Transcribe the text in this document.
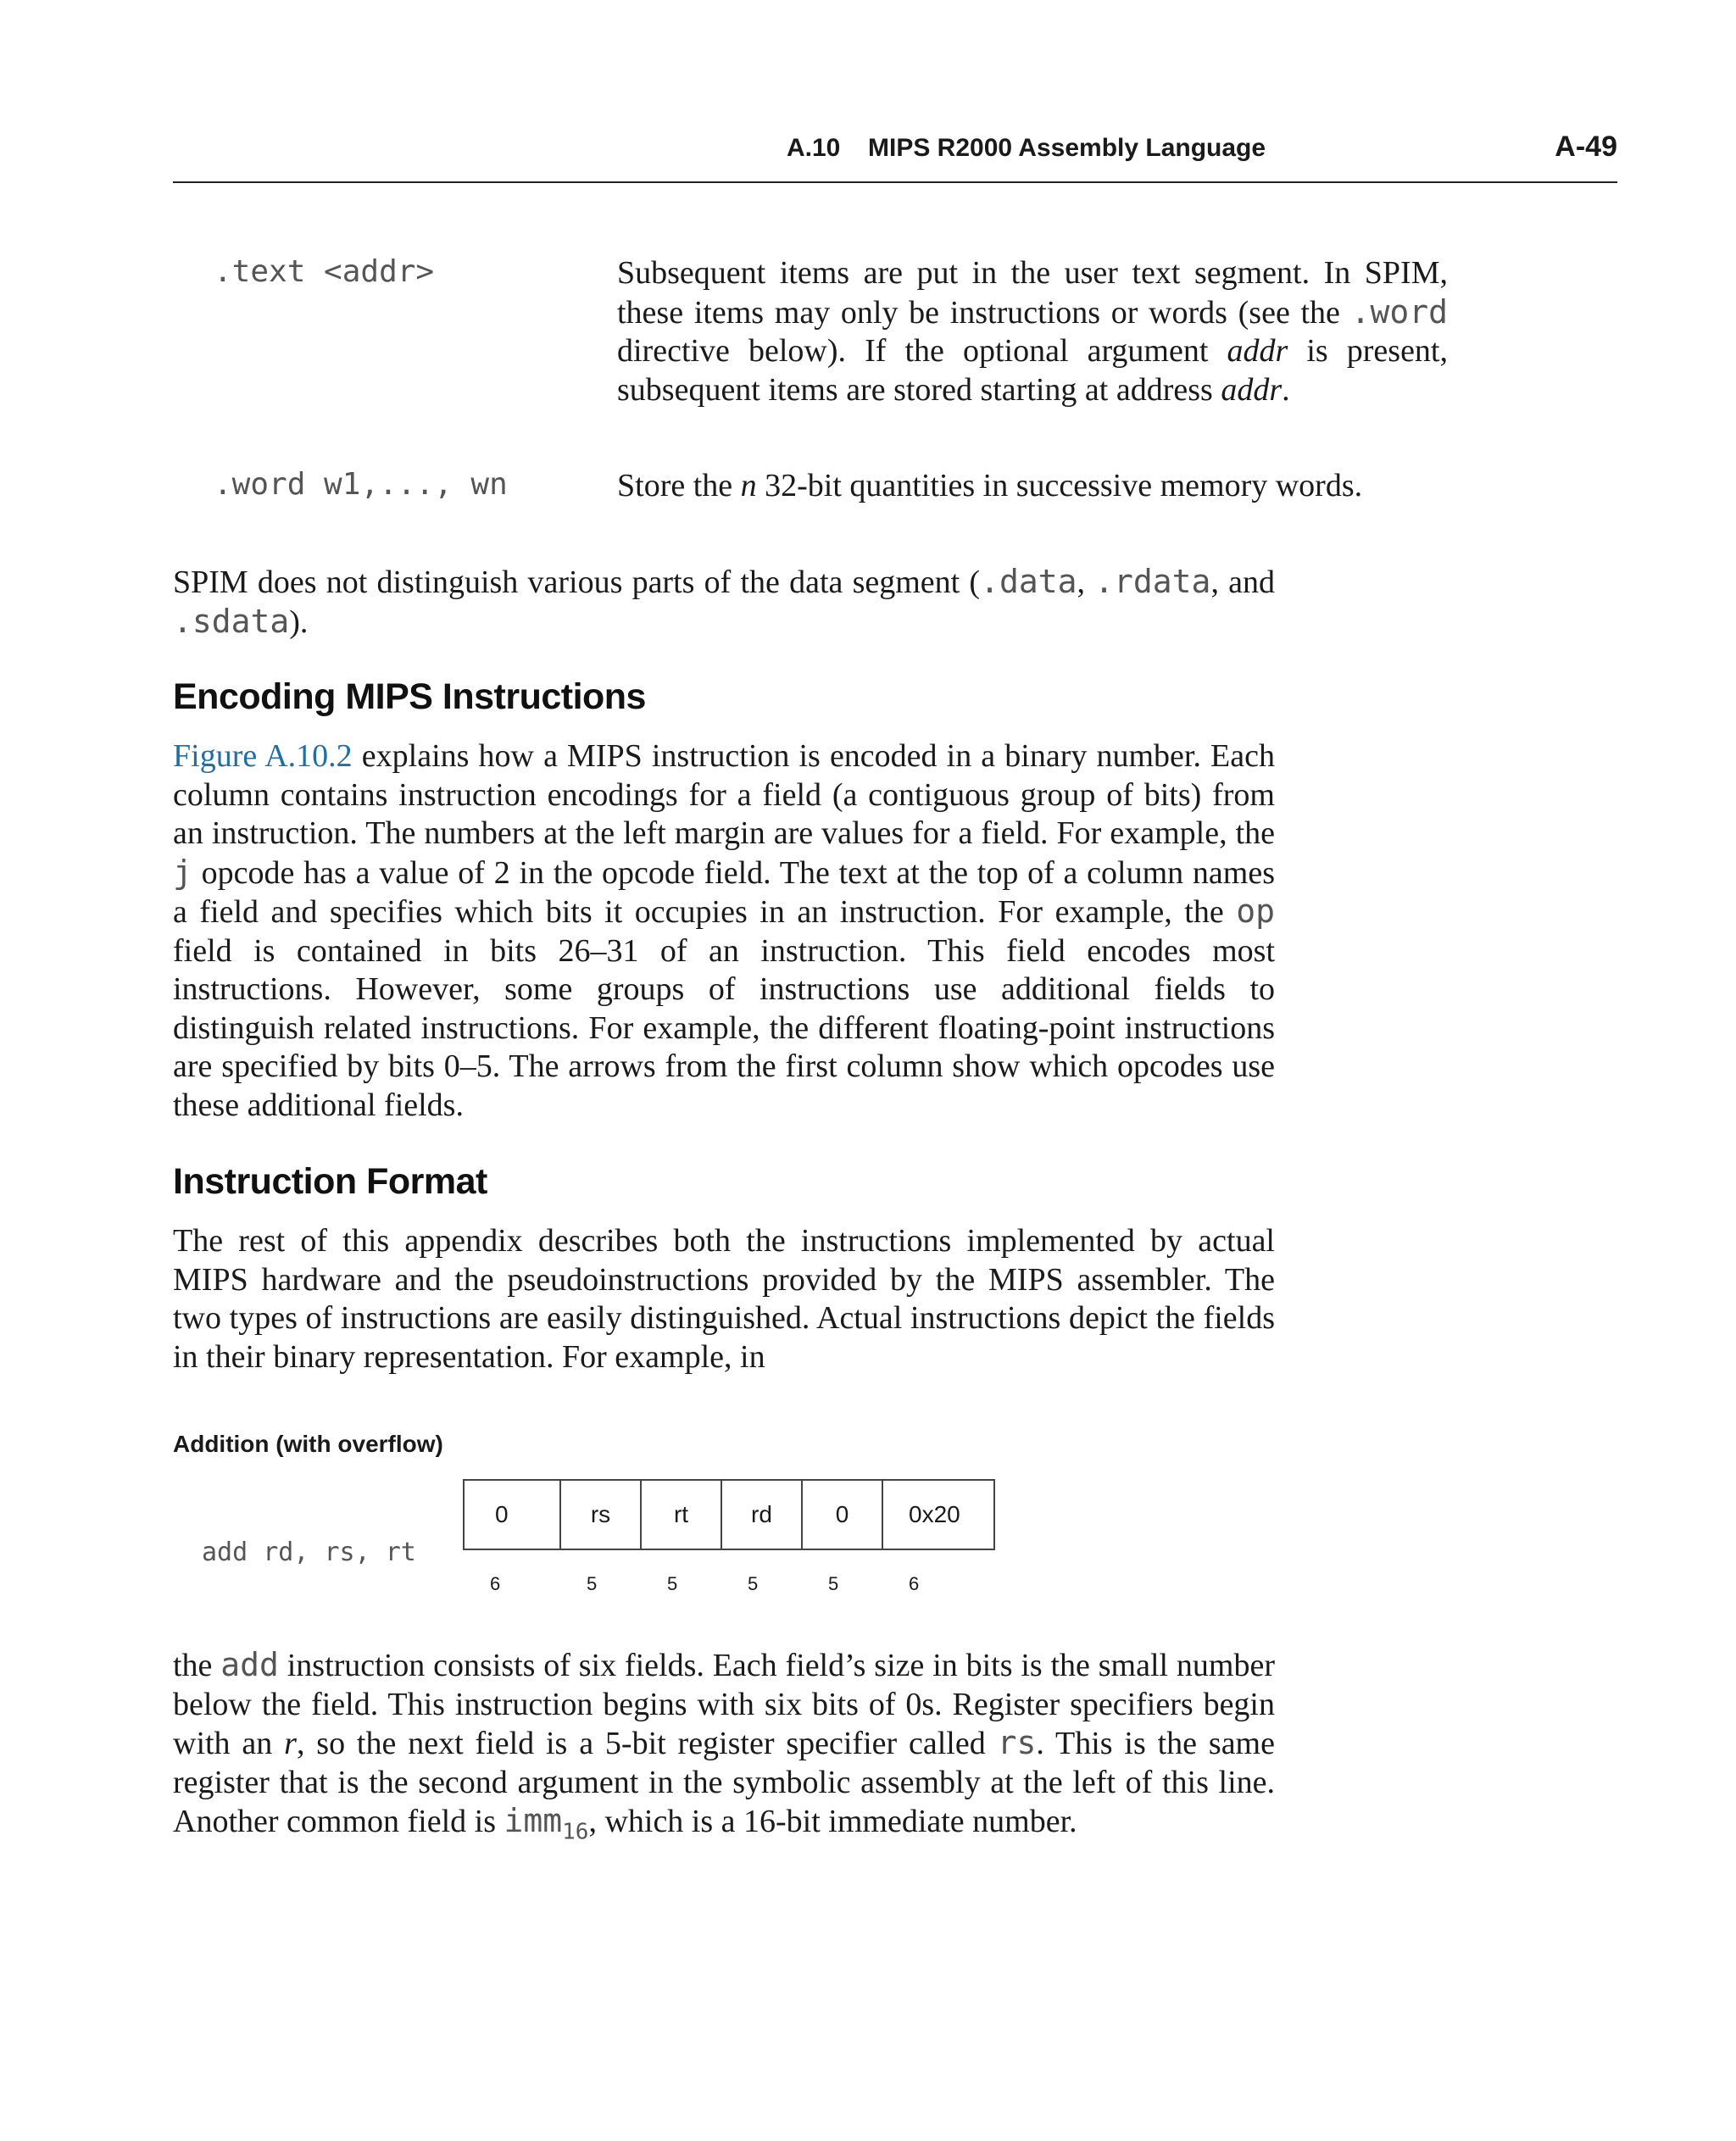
A.10 MIPS R2000 Assembly Language	A-49
.text <addr>	Subsequent items are put in the user text segment. In SPIM, these items may only be instructions or words (see the .word directive below). If the optional argument addr is present, subsequent items are stored starting at address addr.
.word w1,..., wn	Store the n 32-bit quantities in successive memory words.
SPIM does not distinguish various parts of the data segment (.data, .rdata, and .sdata).
Encoding MIPS Instructions
Figure A.10.2 explains how a MIPS instruction is encoded in a binary number. Each column contains instruction encodings for a field (a contiguous group of bits) from an instruction. The numbers at the left margin are values for a field. For example, the j opcode has a value of 2 in the opcode field. The text at the top of a column names a field and specifies which bits it occupies in an instruction. For example, the op field is contained in bits 26–31 of an instruction. This field encodes most instructions. However, some groups of instructions use additional fields to distinguish related instructions. For example, the different floating-point instructions are specified by bits 0–5. The arrows from the first column show which opcodes use these additional fields.
Instruction Format
The rest of this appendix describes both the instructions implemented by actual MIPS hardware and the pseudoinstructions provided by the MIPS assembler. The two types of instructions are easily distinguished. Actual instructions depict the fields in their binary representation. For example, in
Addition (with overflow)
add rd, rs, rt
0	rs	rt	rd	0	0x20
6	5	5	5	5	6
the add instruction consists of six fields. Each field’s size in bits is the small number below the field. This instruction begins with six bits of 0s. Register specifiers begin with an r, so the next field is a 5-bit register specifier called rs. This is the same register that is the second argument in the symbolic assembly at the left of this line. Another common field is imm$_{16}$, which is a 16-bit immediate number.
